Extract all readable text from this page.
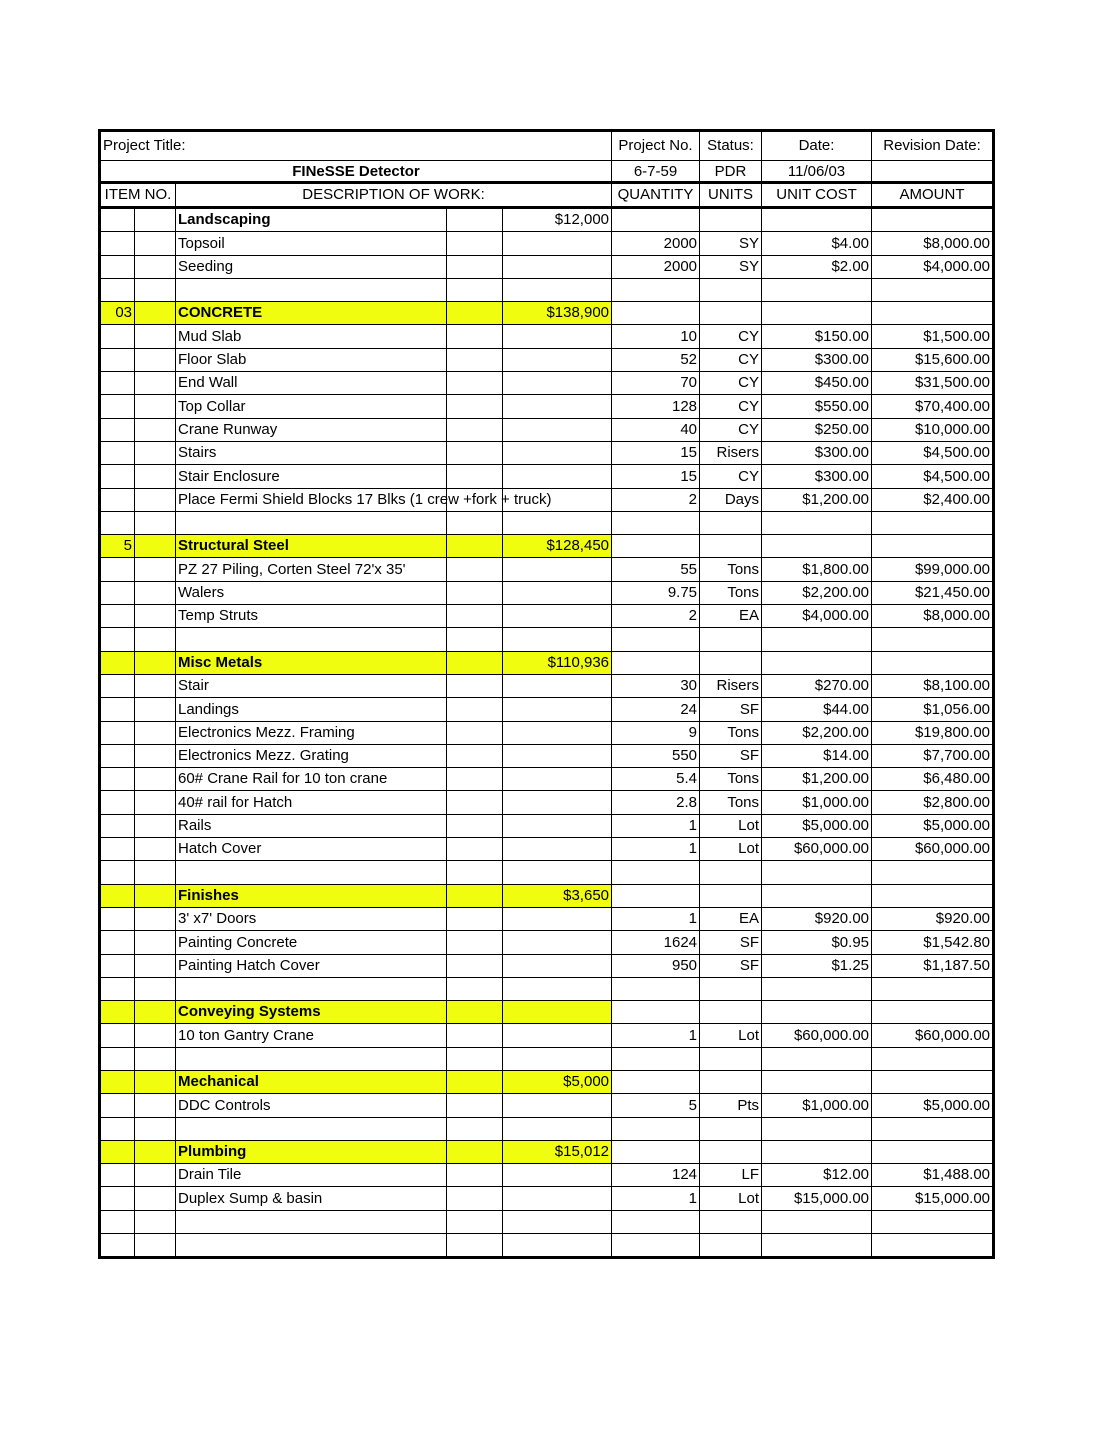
Project Title:					Project No.	Status:	Date:	Revision Date:
FINeSSE Detector					6-7-59	PDR	11/06/03	
ITEM NO.		DESCRIPTION OF WORK:			QUANTITY	UNITS	UNIT COST	AMOUNT
		Landscaping		$12,000				
		Topsoil			2000	SY	$4.00	$8,000.00
		Seeding			2000	SY	$2.00	$4,000.00

03		CONCRETE		$138,900				
		Mud Slab			10	CY	$150.00	$1,500.00
		Floor Slab			52	CY	$300.00	$15,600.00
		End Wall			70	CY	$450.00	$31,500.00
		Top Collar			128	CY	$550.00	$70,400.00
		Crane Runway			40	CY	$250.00	$10,000.00
		Stairs			15	Risers	$300.00	$4,500.00
		Stair Enclosure			15	CY	$300.00	$4,500.00

		Place Fermi Shield Blocks 17 Blks (1 crew +fork + truck)			2	Days	$1,200.00	$2,400.00

5		Structural Steel		$128,450				

		PZ 27 Piling, Corten Steel 72'x 35'			55	Tons	$1,800.00	$99,000.00
		Walers			9.75	Tons	$2,200.00	$21,450.00
		Temp Struts			2	EA	$4,000.00	$8,000.00

		Misc Metals		$110,936				
		Stair			30	Risers	$270.00	$8,100.00
		Landings			24	SF	$44.00	$1,056.00

		Electronics Mezz. Framing			9	Tons	$2,200.00	$19,800.00

		Electronics Mezz. Grating			550	SF	$14.00	$7,700.00

		60# Crane Rail for 10 ton crane			5.4	Tons	$1,200.00	$6,480.00
		40# rail for Hatch			2.8	Tons	$1,000.00	$2,800.00
		Rails			1	Lot	$5,000.00	$5,000.00
		Hatch Cover			1	Lot	$60,000.00	$60,000.00

		Finishes		$3,650				
		3' x7' Doors			1	EA	$920.00	$920.00
		Painting Concrete			1624	SF	$0.95	$1,542.80
		Painting Hatch Cover			950	SF	$1.25	$1,187.50

		Conveying Systems						
		10 ton Gantry Crane			1	Lot	$60,000.00	$60,000.00

		Mechanical		$5,000				
		DDC Controls			5	Pts	$1,000.00	$5,000.00

		Plumbing		$15,012				
		Drain Tile			124	LF	$12.00	$1,488.00
		Duplex Sump & basin			1	Lot	$15,000.00	$15,000.00
